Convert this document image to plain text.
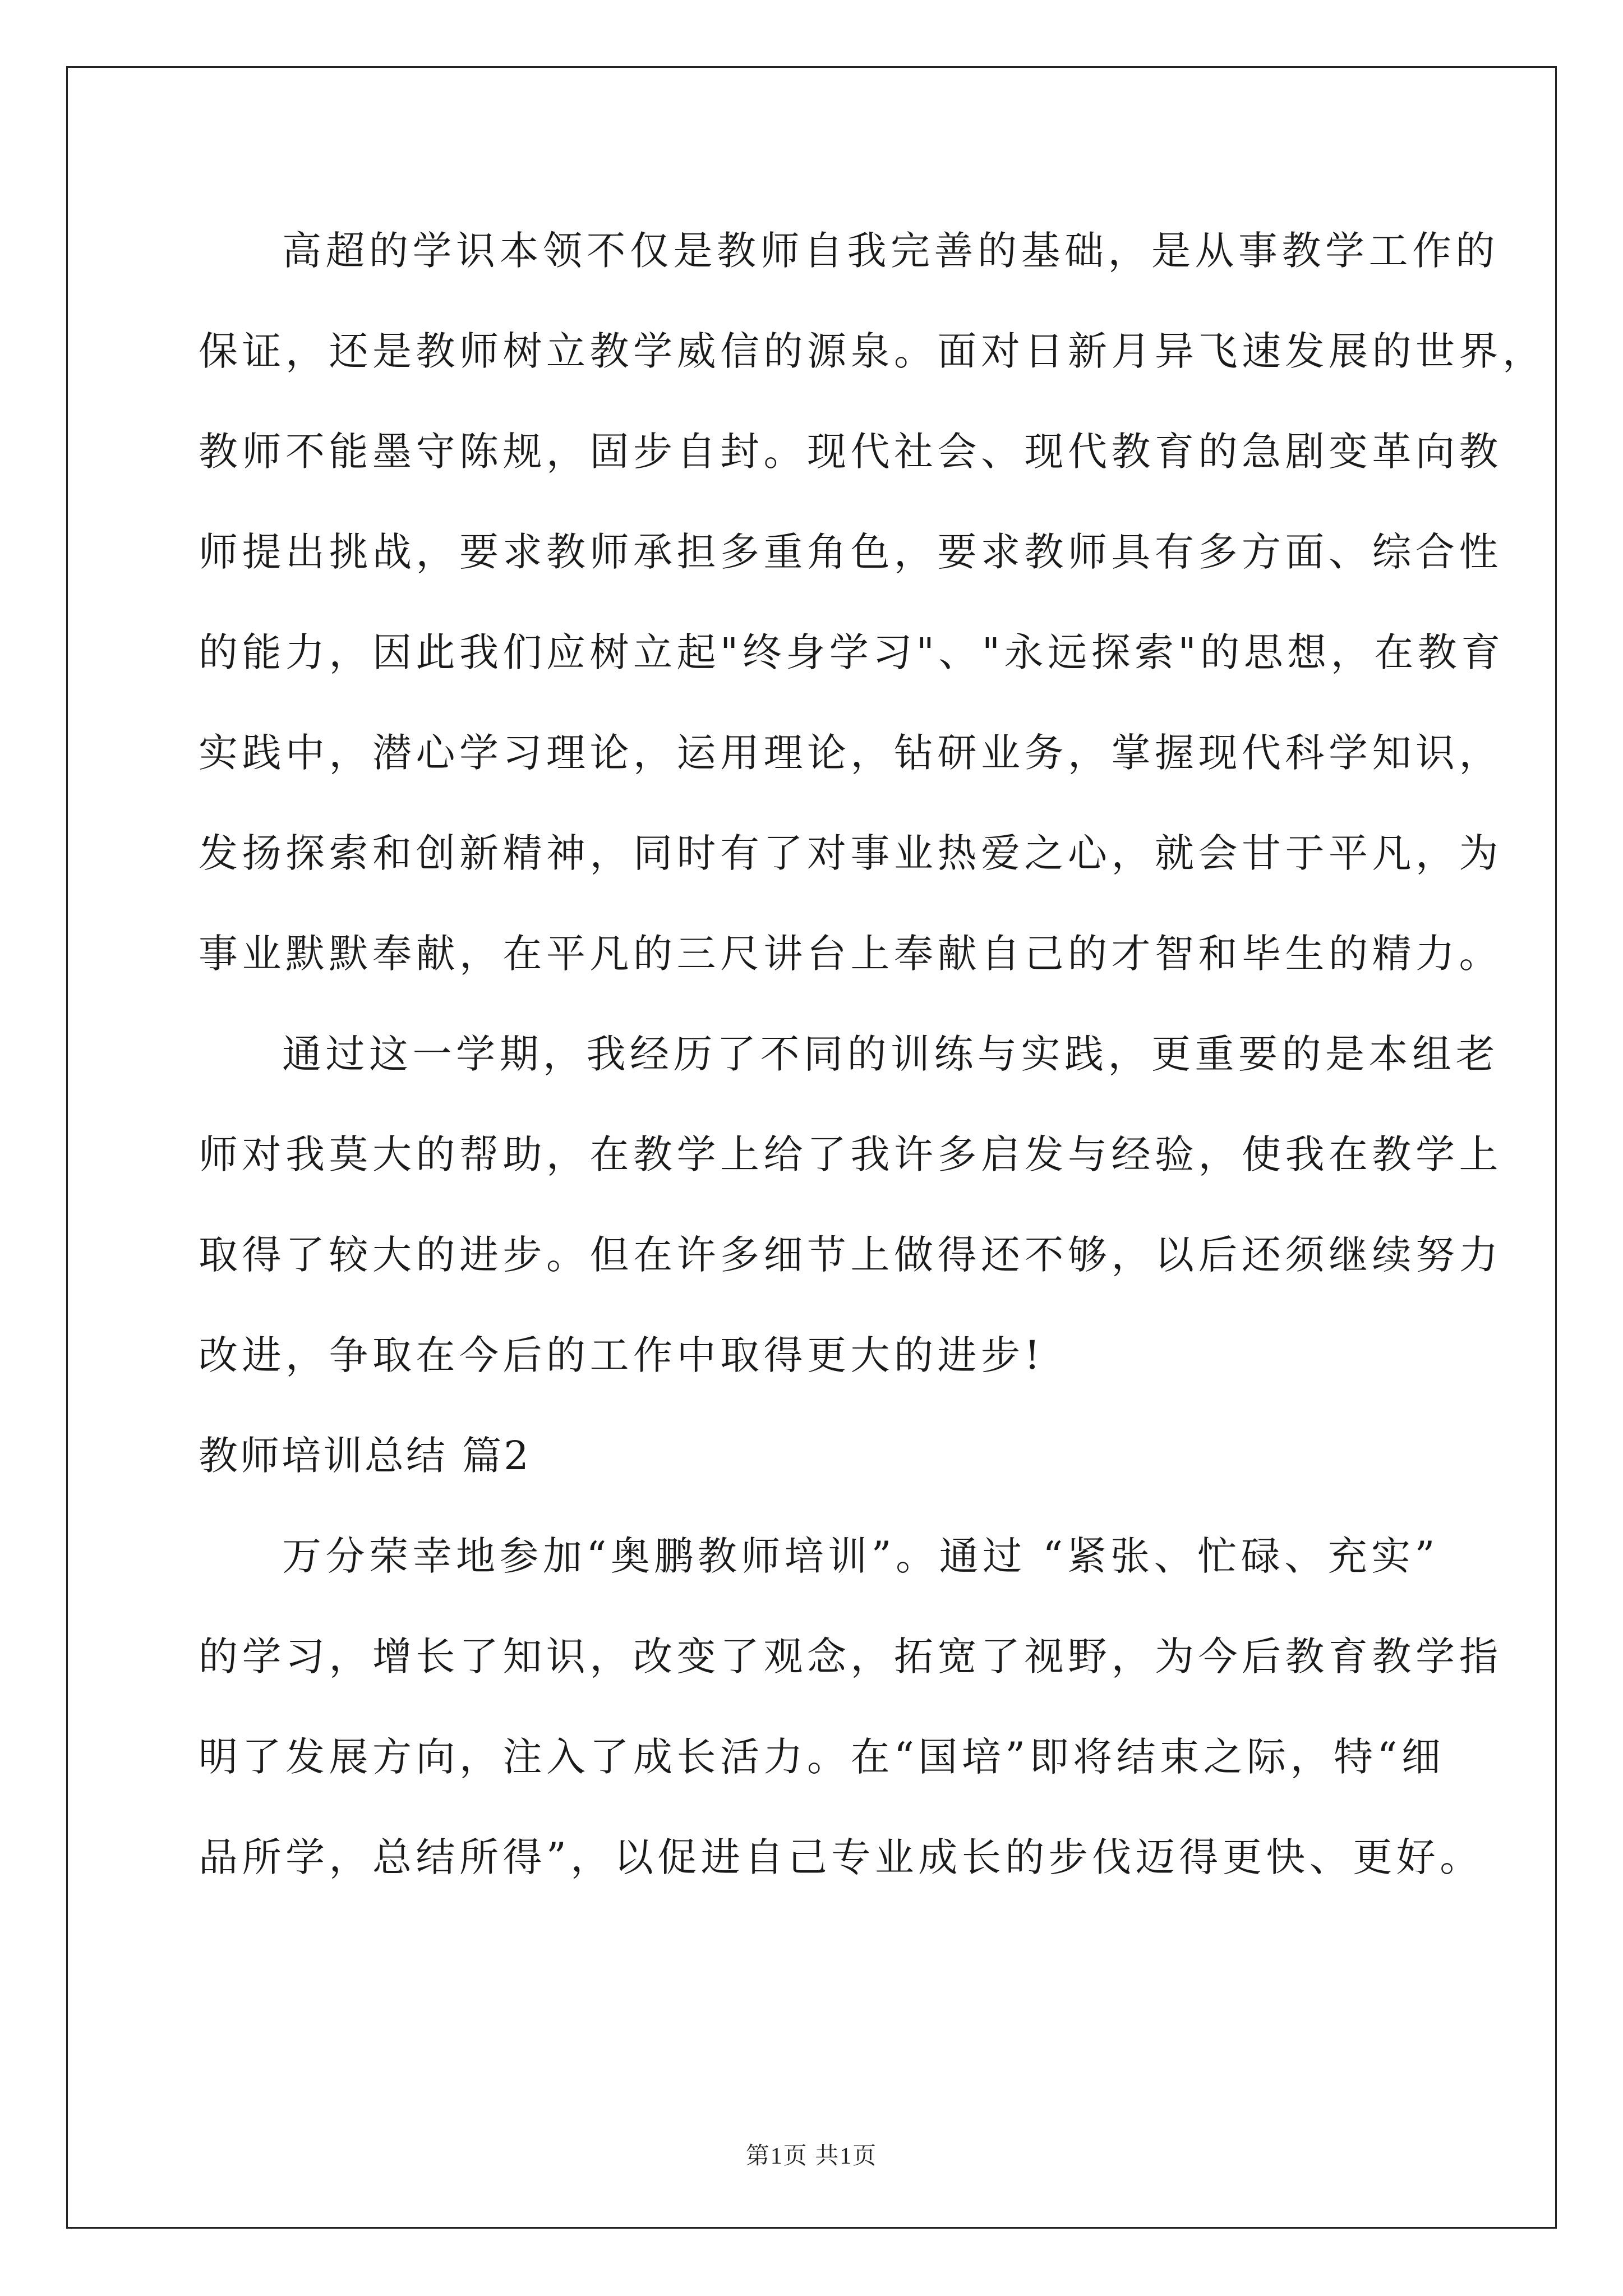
高超的学识本领不仅是教师自我完善的基础，是从事教学工作的
保证，还是教师树立教学威信的源泉。面对日新月异飞速发展的世界，
教师不能墨守陈规，固步自封。现代社会、现代教育的急剧变革向教
师提出挑战，要求教师承担多重角色，要求教师具有多方面、综合性
的能力，因此我们应树立起"终身学习"、"永远探索"的思想，在教育
实践中，潜心学习理论，运用理论，钻研业务，掌握现代科学知识，
发扬探索和创新精神，同时有了对事业热爱之心，就会甘于平凡，为
事业默默奉献，在平凡的三尺讲台上奉献自己的才智和毕生的精力。
通过这一学期，我经历了不同的训练与实践，更重要的是本组老
师对我莫大的帮助，在教学上给了我许多启发与经验，使我在教学上
取得了较大的进步。但在许多细节上做得还不够，以后还须继续努力
改进，争取在今后的工作中取得更大的进步!
教师培训总结 篇2
万分荣幸地参加“奥鹏教师培训”。通过 “紧张、忙碌、充实”
的学习，增长了知识，改变了观念，拓宽了视野，为今后教育教学指
明了发展方向，注入了成长活力。在“国培”即将结束之际，特“细
品所学，总结所得”，以促进自己专业成长的步伐迈得更快、更好。
第1页 共1页
